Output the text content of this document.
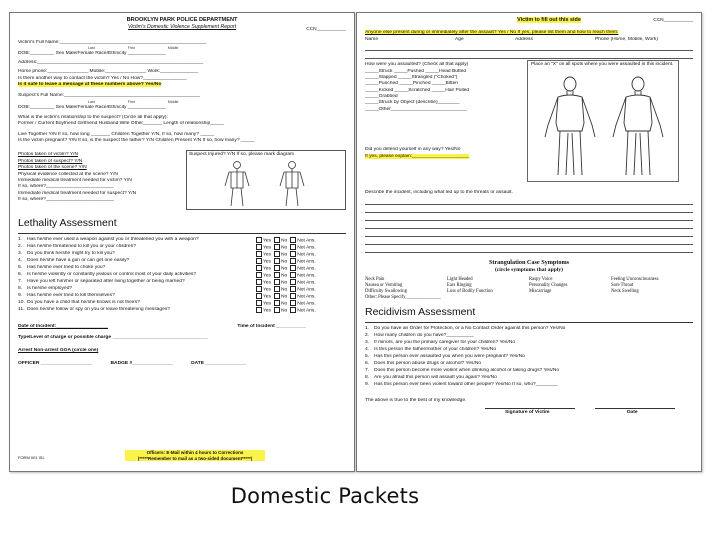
BROOKLYN PARK POLICE DEPARTMENT
Victim's Domestic Violence Supplement Report	CCN___________
Victim's Full Name:______________________________________________________
Last First Middle
DOB:_________ Sex Male/Female Race/Ethnicity ______________
Address:_____________________________________________________________
Home phone:_______________ Mobile:_______________ Work:______________
Is there another way to contact the victim? Yes / No How?________________
Is it safe to leave a message at these numbers above? Yes/No
Suspect's Full Name:__________________________________________________
Last First Middle
DOB:_________ Sex Male/Female Race/Ethnicity ______________
What is the victim's relationship to the suspect? (Circle all that apply):
Former / Current Boyfriend Girlfriend Husband Wife Other_______ Length of relationship_____
Live Together Y/N If so, how long _______ Children Together Y/N, If so, how many? _____
Is the victim pregnant? Y/N If so, is the suspect the father? Y/N Children Present Y/N If so, how many? _____
Photos taken of victim? Y/N
Photos taken of suspect? Y/N
Photos taken of the scene? Y/N
Physical evidence collected at the scene? Y/N
Immediate medical treatment needed for victim? Y/N
If so, where?_________________________
Immediate medical treatment needed for suspect? Y/N
If so, where?_________________________
Suspect Injured? Y/N If so, please mark diagram
Lethality Assessment
1.	Has he/she ever used a weapon against you or threatened you with a weapon?	Yes	No	Not Ans.
2.	Has he/she threatened to kill you or your children?	Yes	No	Not Ans.
3.	Do you think he/she might try to kill you?	Yes	No	Not Ans.
4.	Does he/she have a gun or can get one easily?	Yes	No	Not Ans.
5.	Has he/she ever tried to choke you?	Yes	No	Not Ans.
6.	Is he/she violently or constantly jealous or control most of your daily activities?	Yes	No	Not Ans.
7.	Have you left him/her or separated after living together or being married?	Yes	No	Not Ans.
8.	Is he/she employed?	Yes	No	Not Ans.
9.	Has he/she ever tried to kill themselves?	Yes	No	Not Ans.
10. Do you have a child that he/she knows is not theirs?	Yes	No	Not Ans.
11. Does he/she follow or spy on you or leave threatening messages?	Yes	No	Not Ans.
Date of Incident:___________________	Time of Incident ___________
Type/Level of charge or possible charge ___________________________________
Arrest Non-arrest GOA (circle one)
OFFICER ___________________	BADGE #_______________	DATE _______________
FORM 001 ISL
Officers: E-Mail within 4 hours to Corrections
(*****Remember to mail as a two-sided document*****)
Victim to fill out this side	CCN___________
Anyone else present during or immediately after the assault? Yes / No If yes, please list them and how to reach them:
Name	Age	Address	Phone (Home, Mobile, Work)
How were you assaulted? (Check all that apply)
_____Struck _____Pushed _____Head Butted
_____Slapped _____Strangled ("Choked")
_____Punched _____Pinched _____Bitten
_____Kicked _____Scratched _____Hair Pulled
_____Grabbed
_____Struck by Object (describe)________
_____Other____________________________
Did you defend yourself in any way? Yes/No
If yes, please explain:_____________________
Place an "X" on all spots where you were assaulted in this incident.
Describe the incident, including what led up to the threats or assault.
Strangulation Case Symptoms
(circle symptoms that apply)
Neck Pain	Light Headed	Raspy Voice	Feeling Unconsciousness
Nausea or Vomiting	Ears Ringing	Personality Changes	Sore Throat
Difficulty Swallowing	Loss of Bodily Function	Miscarriage	Neck Swelling
Other: Please Specify_______________
Recidivism Assessment
1.	Do you have an Order for Protection, or a No Contact Order against this person? Yes/No
2.	How many children do you have?__________
3.	If minors, are you the primary caregiver for your children? Yes/No
4.	Is this person the father/mother of your children? Yes/No
5.	Has this person ever assaulted you when you were pregnant? Yes/No
6.	Does this person abuse drugs or alcohol? Yes/No
7.	Does this person become more violent when drinking alcohol or taking drugs? Yes/No
8.	Are you afraid this person will assault you again? Yes/No
9.	Has this person ever been violent toward other people? Yes/No If so, who?________
The above is true to the best of my knowledge.
Signature of Victim	Date
Domestic Packets
